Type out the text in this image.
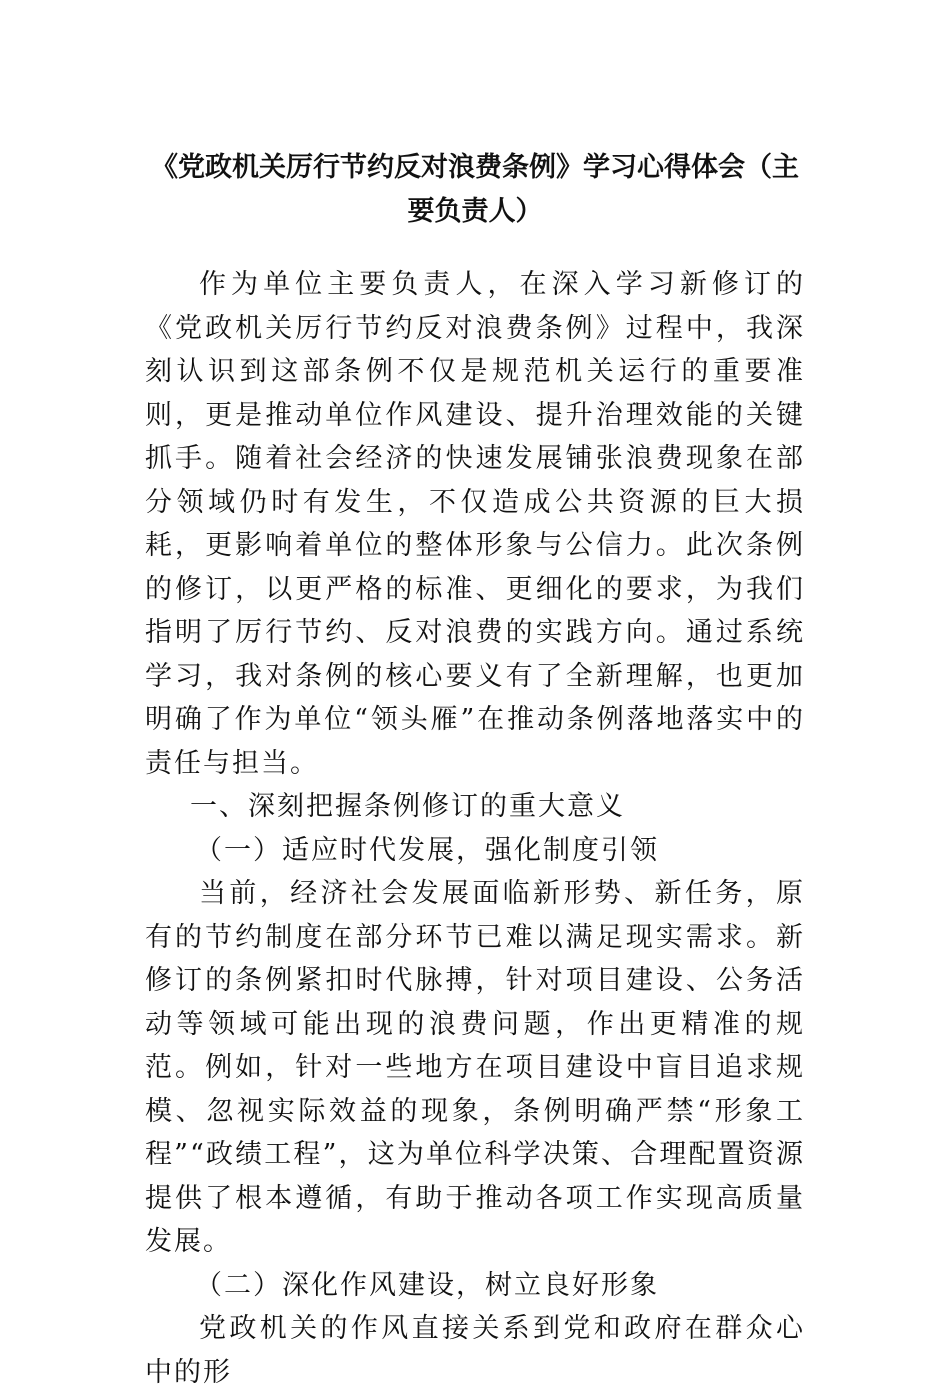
《党政机关厉行节约反对浪费条例》学习心得体会（主要负责人）

作为单位主要负责人，在深入学习新修订的《党政机关厉行节约反对浪费条例》过程中，我深刻认识到这部条例不仅是规范机关运行的重要准则，更是推动单位作风建设、提升治理效能的关键抓手。随着社会经济的快速发展铺张浪费现象在部分领域仍时有发生，不仅造成公共资源的巨大损耗，更影响着单位的整体形象与公信力。此次条例的修订，以更严格的标准、更细化的要求，为我们指明了厉行节约、反对浪费的实践方向。通过系统学习，我对条例的核心要义有了全新理解，也更加明确了作为单位“领头雁”在推动条例落地落实中的责任与担当。

一、深刻把握条例修订的重大意义

（一）适应时代发展，强化制度引领

当前，经济社会发展面临新形势、新任务，原有的节约制度在部分环节已难以满足现实需求。新修订的条例紧扣时代脉搏，针对项目建设、公务活动等领域可能出现的浪费问题，作出更精准的规范。例如，针对一些地方在项目建设中盲目追求规模、忽视实际效益的现象，条例明确严禁“形象工程”“政绩工程”，这为单位科学决策、合理配置资源提供了根本遵循，有助于推动各项工作实现高质量发展。

（二）深化作风建设，树立良好形象

党政机关的作风直接关系到党和政府在群众心中的形
